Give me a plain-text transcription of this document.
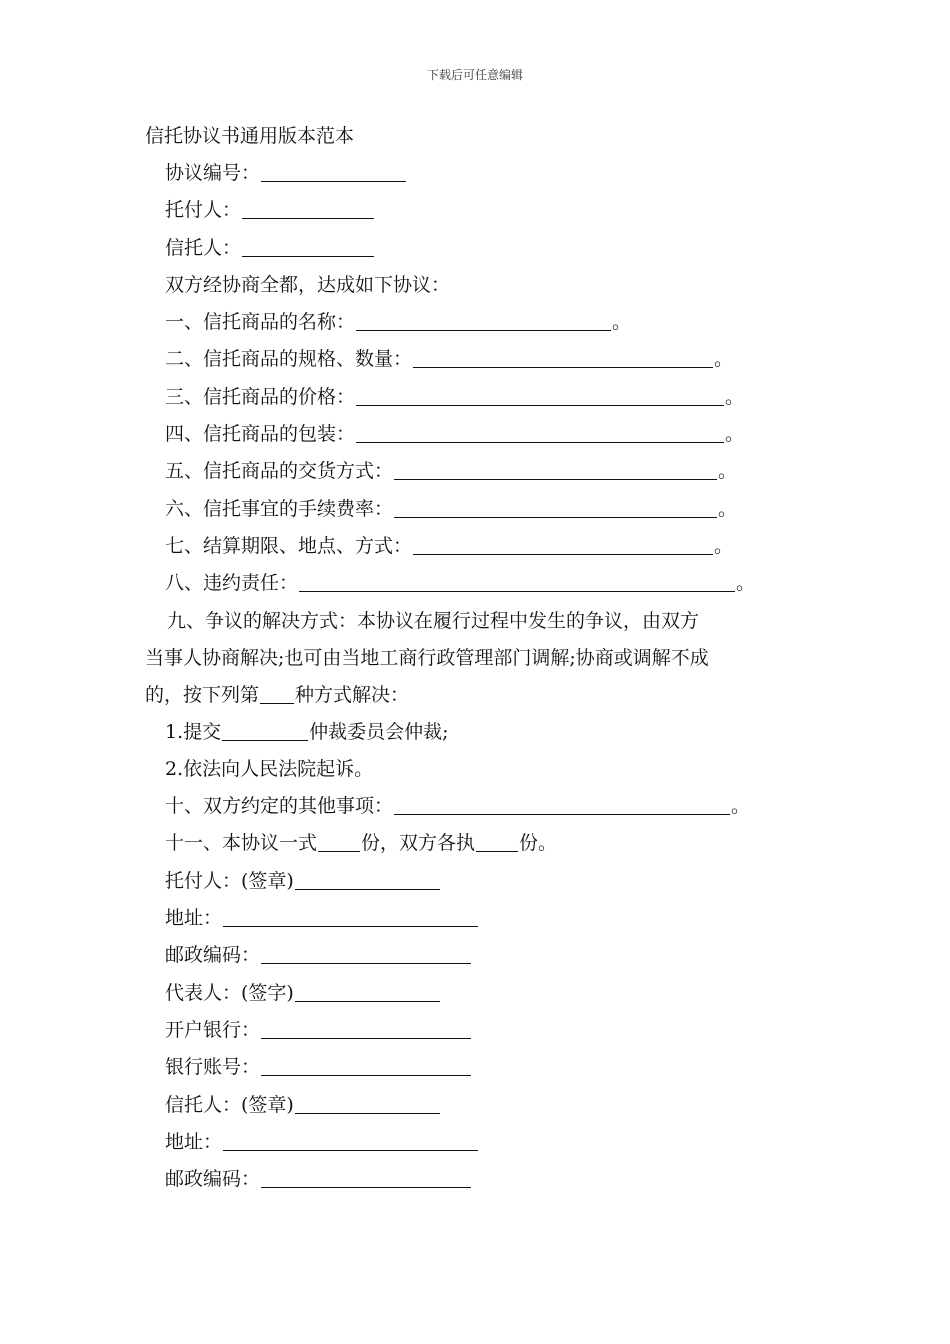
下载后可任意编辑
信托协议书通用版本范本
协议编号：
托付人：
信托人：
双方经协商全都，达成如下协议：
一、信托商品的名称：	。
二、信托商品的规格、数量：	。
三、信托商品的价格：	。
四、信托商品的包装：	。
五、信托商品的交货方式：	。
六、信托事宜的手续费率：	。
七、结算期限、地点、方式：	。
八、违约责任：	。

九、争议的解决方式：本协议在履行过程中发生的争议，由双方

当事人协商解决;也可由当地工商行政管理部门调解;协商或调解不成

的，按下列第 种方式解决：

1.提交	仲裁委员会仲裁;
2.依法向人民法院起诉。
十、双方约定的其他事项：	。
十一、本协议一式 份，双方各执 份。
托付人：(签章)
地址：
邮政编码：
代表人：(签字)
开户银行：
银行账号：
信托人：(签章)
地址：
邮政编码：
